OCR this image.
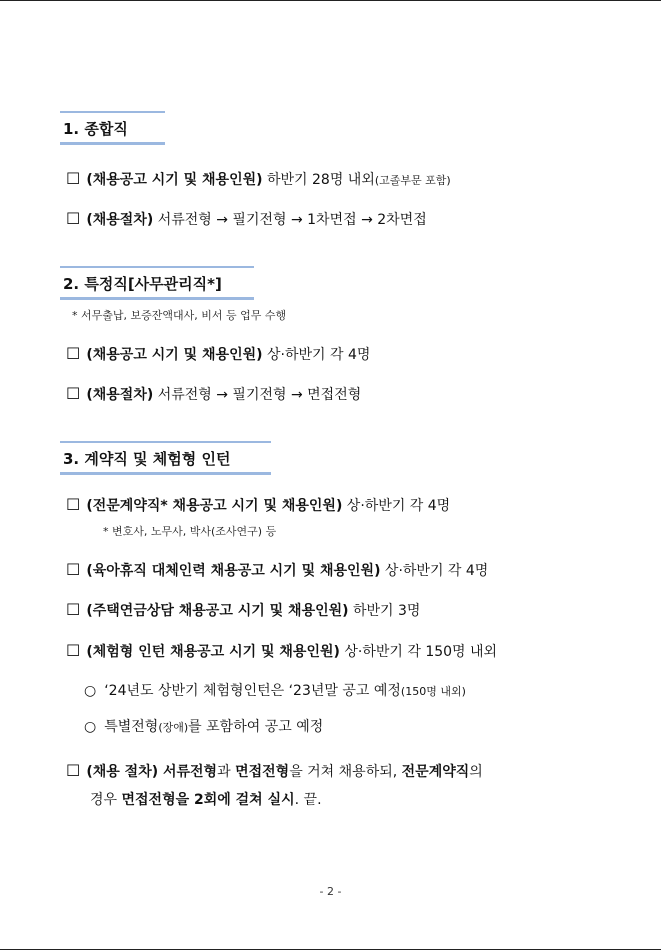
1. 종합직
☐ (채용공고 시기 및 채용인원) 하반기 28명 내외(고졸부문 포함)
☐ (채용절차) 서류전형 → 필기전형 → 1차면접 → 2차면접
2. 특정직[사무관리직*]
* 서무출납, 보증잔액대사, 비서 등 업무 수행
☐ (채용공고 시기 및 채용인원) 상·하반기 각 4명
☐ (채용절차) 서류전형 → 필기전형 → 면접전형
3. 계약직 및 체험형 인턴
☐ (전문계약직* 채용공고 시기 및 채용인원) 상·하반기 각 4명
* 변호사, 노무사, 박사(조사연구) 등
☐ (육아휴직 대체인력 채용공고 시기 및 채용인원) 상·하반기 각 4명
☐ (주택연금상담 채용공고 시기 및 채용인원) 하반기 3명
☐ (체험형 인턴 채용공고 시기 및 채용인원) 상·하반기 각 150명 내외
○ ‘24년도 상반기 체험형인턴은 ‘23년말 공고 예정(150명 내외)
○ 특별전형(장애)를 포함하여 공고 예정
☐ (채용 절차) 서류전형과 면접전형을 거쳐 채용하되, 전문계약직의
경우 면접전형을 2회에 걸쳐 실시. 끝.
- 2 -
